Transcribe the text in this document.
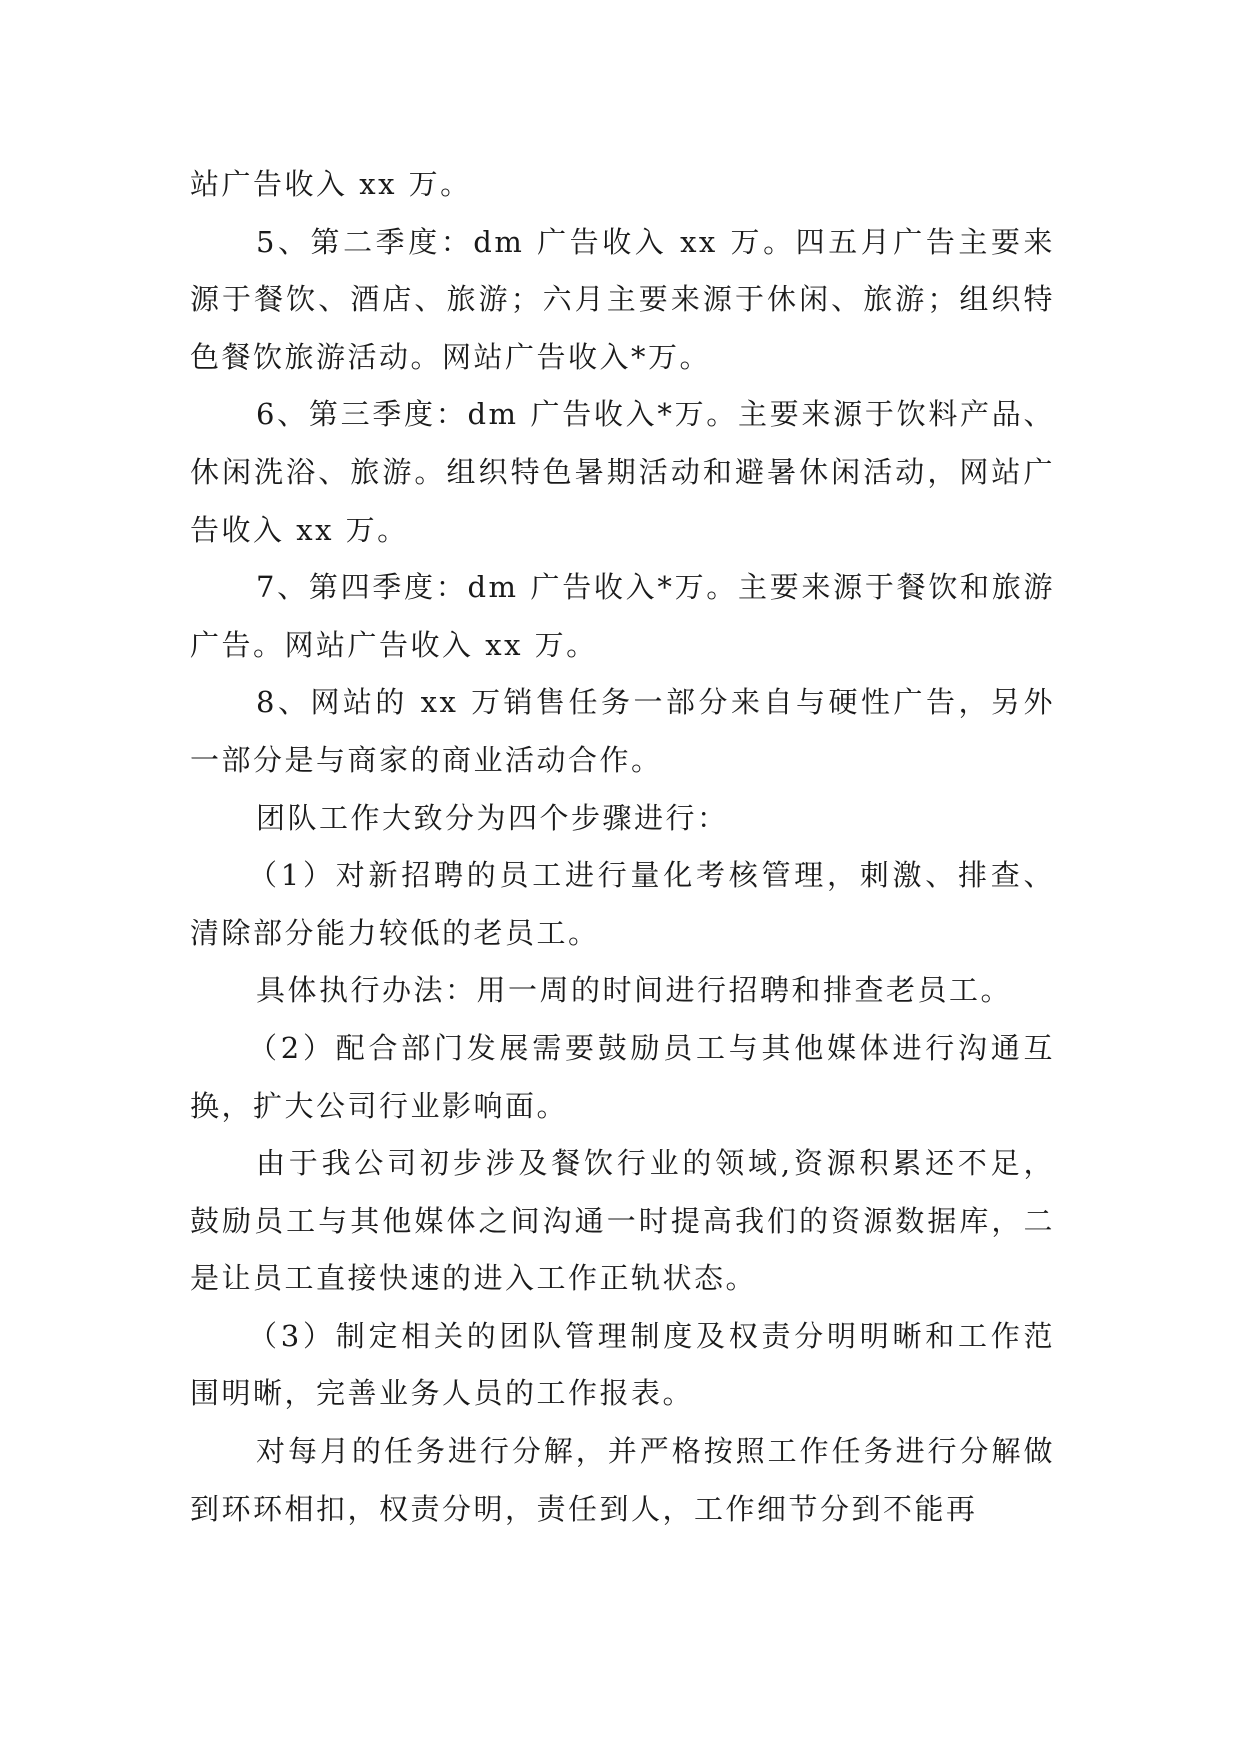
站广告收入 xx 万。

5、第二季度：dm 广告收入 xx 万。四五月广告主要来源于餐饮、酒店、旅游；六月主要来源于休闲、旅游；组织特色餐饮旅游活动。网站广告收入*万。

6、第三季度：dm 广告收入*万。主要来源于饮料产品、休闲洗浴、旅游。组织特色暑期活动和避暑休闲活动，网站广告收入 xx 万。

7、第四季度：dm 广告收入*万。主要来源于餐饮和旅游广告。网站广告收入 xx 万。

8、网站的 xx 万销售任务一部分来自与硬性广告，另外一部分是与商家的商业活动合作。

团队工作大致分为四个步骤进行：

（1）对新招聘的员工进行量化考核管理，刺激、排查、清除部分能力较低的老员工。

具体执行办法：用一周的时间进行招聘和排查老员工。

（2）配合部门发展需要鼓励员工与其他媒体进行沟通互换，扩大公司行业影响面。

由于我公司初步涉及餐饮行业的领域,资源积累还不足，鼓励员工与其他媒体之间沟通一时提高我们的资源数据库，二是让员工直接快速的进入工作正轨状态。

（3）制定相关的团队管理制度及权责分明明晰和工作范围明晰，完善业务人员的工作报表。

对每月的任务进行分解，并严格按照工作任务进行分解做到环环相扣，权责分明，责任到人，工作细节分到不能再
